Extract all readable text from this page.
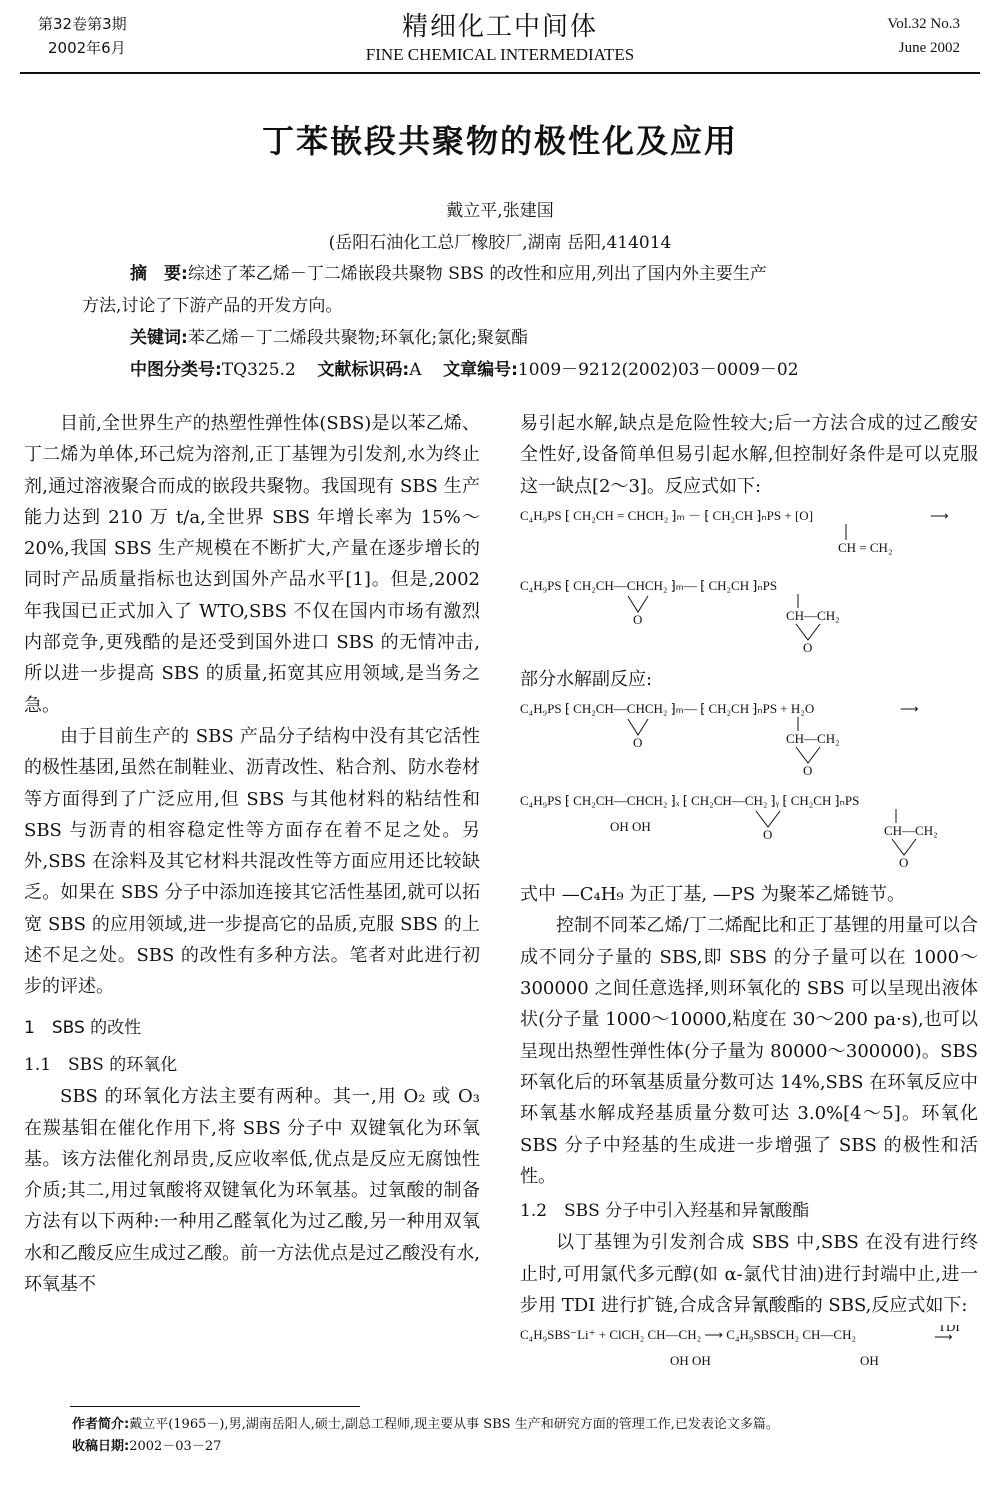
第32卷第3期
2002年6月
精细化工中间体
FINE CHEMICAL INTERMEDIATES
Vol.32 No.3
June 2002
丁苯嵌段共聚物的极性化及应用
戴立平,张建国
(岳阳石油化工总厂橡胶厂,湖南 岳阳,414014
摘　要:综述了苯乙烯－丁二烯嵌段共聚物 SBS 的改性和应用,列出了国内外主要生产
方法,讨论了下游产品的开发方向。
关键词:苯乙烯－丁二烯段共聚物;环氧化;氯化;聚氨酯
中图分类号:TQ325.2 文献标识码:A 文章编号:1009－9212(2002)03－0009－02

目前,全世界生产的热塑性弹性体(SBS)是以苯乙烯、丁二烯为单体,环己烷为溶剂,正丁基锂为引发剂,水为终止剂,通过溶液聚合而成的嵌段共聚物。我国现有 SBS 生产能力达到 210 万 t/a,全世界 SBS 年增长率为 15%～20%,我国 SBS 生产规模在不断扩大,产量在逐步增长的同时产品质量指标也达到国外产品水平[1]。但是,2002 年我国已正式加入了 WTO,SBS 不仅在国内市场有激烈内部竞争,更残酷的是还受到国外进口 SBS 的无情冲击,所以进一步提高 SBS 的质量,拓宽其应用领域,是当务之急。

由于目前生产的 SBS 产品分子结构中没有其它活性的极性基团,虽然在制鞋业、沥青改性、粘合剂、防水卷材等方面得到了广泛应用,但 SBS 与其他材料的粘结性和 SBS 与沥青的相容稳定性等方面存在着不足之处。另外,SBS 在涂料及其它材料共混改性等方面应用还比较缺乏。如果在 SBS 分子中添加连接其它活性基团,就可以拓宽 SBS 的应用领域,进一步提高它的品质,克服 SBS 的上述不足之处。SBS 的改性有多种方法。笔者对此进行初步的评述。

1　SBS 的改性

1.1　SBS 的环氧化

SBS 的环氧化方法主要有两种。其一,用 O₂ 或 O₃ 在羰基钼在催化作用下,将 SBS 分子中 双键氧化为环氧基。该方法催化剂昂贵,反应收率低,优点是反应无腐蚀性介质;其二,用过氧酸将双键氧化为环氧基。过氧酸的制备方法有以下两种:一种用乙醛氧化为过乙酸,另一种用双氧水和乙酸反应生成过乙酸。前一方法优点是过乙酸没有水,环氧基不

易引起水解,缺点是危险性较大;后一方法合成的过乙酸安全性好,设备简单但易引起水解,但控制好条件是可以克服这一缺点[2～3]。反应式如下:

C₄H₉PS ⁅ CH₂CH = CHCH₂ ⁆ₘ － ⁅ CH₂CH ⁆ₙPS + [O]	⟶
CH = CH₂
C₄H₉PS ⁅ CH₂CH—CHCH₂ ⁆ₘ— ⁅ CH₂CH ⁆ₙPS
O	CH—CH₂
O

部分水解副反应:

C₄H₉PS ⁅ CH₂CH—CHCH₂ ⁆ₘ— ⁅ CH₂CH ⁆ₙPS + H₂O	⟶
O	CH—CH₂
O
C₄H₉PS ⁅ CH₂CH—CHCH₂ ⁆ₓ ⁅ CH₂CH—CH₂ ⁆ᵧ ⁅ CH₂CH ⁆ₙPS
OH OH
O	CH—CH₂
O

式中 —C₄H₉ 为正丁基, —PS 为聚苯乙烯链节。

控制不同苯乙烯/丁二烯配比和正丁基锂的用量可以合成不同分子量的 SBS,即 SBS 的分子量可以在 1000～300000 之间任意选择,则环氧化的 SBS 可以呈现出液体状(分子量 1000～10000,粘度在 30～200 pa·s),也可以呈现出热塑性弹性体(分子量为 80000～300000)。SBS 环氧化后的环氧基质量分数可达 14%,SBS 在环氧反应中环氧基水解成羟基质量分数可达 3.0%[4～5]。环氧化 SBS 分子中羟基的生成进一步增强了 SBS 的极性和活性。

1.2　SBS 分子中引入羟基和异氰酸酯

以丁基锂为引发剂合成 SBS 中,SBS 在没有进行终止时,可用氯代多元醇(如 α-氯代甘油)进行封端中止,进一步用 TDI 进行扩链,合成含异氰酸酯的 SBS,反应式如下:

C₄H₉SBS⁻Li⁺ + ClCH₂ CH—CH₂ ⟶ C₄H₉SBSCH₂ CH—CH₂
TDI
⟶
OH OH	OH
作者简介:戴立平(1965－),男,湖南岳阳人,硕士,副总工程师,现主要从事 SBS 生产和研究方面的管理工作,已发表论文多篇。
收稿日期:2002－03－27
